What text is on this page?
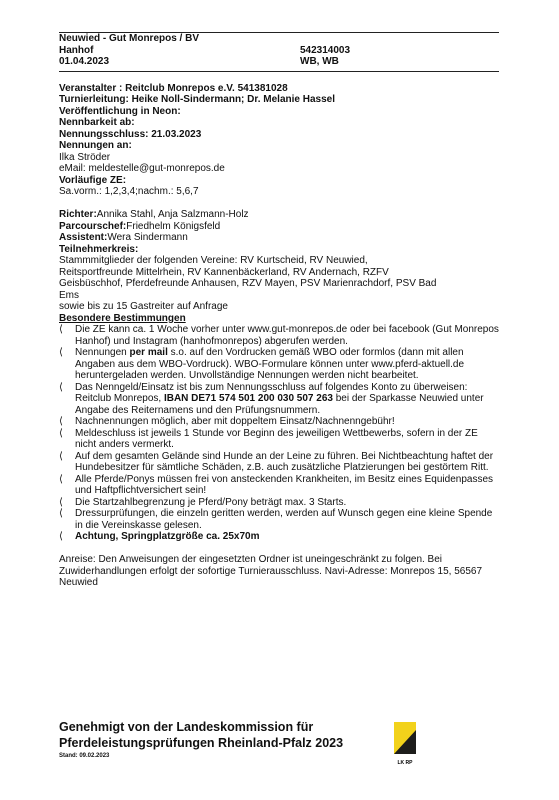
Neuwied - Gut Monrepos / BV
Hanhof	542314003
01.04.2023	WB, WB
Veranstalter : Reitclub Monrepos e.V. 541381028
Turnierleitung: Heike Noll-Sindermann; Dr. Melanie Hassel
Veröffentlichung in Neon:
Nennbarkeit ab:
Nennungsschluss: 21.03.2023
Nennungen an:
Ilka Ströder
eMail: meldestelle@gut-monrepos.de
Vorläufige ZE:
Sa.vorm.: 1,2,3,4;nachm.: 5,6,7
Richter:Annika Stahl, Anja Salzmann-Holz
Parcourschef:Friedhelm Königsfeld
Assistent:Wera Sindermann
Teilnehmerkreis:
Stammmitglieder der folgenden Vereine: RV Kurtscheid, RV Neuwied,
Reitsportfreunde Mittelrhein, RV Kannenbäckerland, RV Andernach, RZFV
Geisbüschhof, Pferdefreunde Anhausen, RZV Mayen, PSV Marienrachdorf, PSV Bad
Ems
sowie bis zu 15 Gastreiter auf Anfrage
Besondere Bestimmungen
⟨	Die ZE kann ca. 1 Woche vorher unter www.gut-monrepos.de oder bei facebook (Gut Monrepos Hanhof) und Instagram (hanhofmonrepos) abgerufen werden.
⟨	Nennungen per mail s.o. auf den Vordrucken gemäß WBO oder formlos (dann mit allen Angaben aus dem WBO-Vordruck). WBO-Formulare können unter www.pferd-aktuell.de heruntergeladen werden. Unvollständige Nennungen werden nicht bearbeitet.
⟨	Das Nenngeld/Einsatz ist bis zum Nennungsschluss auf folgendes Konto zu überweisen: Reitclub Monrepos, IBAN DE71 574 501 200 030 507 263 bei der Sparkasse Neuwied unter Angabe des Reiternamens und den Prüfungsnummern.
⟨	Nachnennungen möglich, aber mit doppeltem Einsatz/Nachnenngebühr!
⟨	Meldeschluss ist jeweils 1 Stunde vor Beginn des jeweiligen Wettbewerbs, sofern in der ZE nicht anders vermerkt.
⟨	Auf dem gesamten Gelände sind Hunde an der Leine zu führen. Bei Nichtbeachtung haftet der Hundebesitzer für sämtliche Schäden, z.B. auch zusätzliche Platzierungen bei gestörtem Ritt.
⟨	Alle Pferde/Ponys müssen frei von ansteckenden Krankheiten, im Besitz eines Equidenpasses und Haftpflichtversichert sein!
⟨	Die Startzahlbegrenzung je Pferd/Pony beträgt max. 3 Starts.
⟨	Dressurprüfungen, die einzeln geritten werden, werden auf Wunsch gegen eine kleine Spende in die Vereinskasse gelesen.
⟨	Achtung, Springplatzgröße ca. 25x70m
Anreise: Den Anweisungen der eingesetzten Ordner ist uneingeschränkt zu folgen. Bei Zuwiderhandlungen erfolgt der sofortige Turnierausschluss. Navi-Adresse: Monrepos 15, 56567 Neuwied
Genehmigt von der Landeskommission für
Pferdeleistungsprüfungen Rheinland-Pfalz 2023
Stand: 09.02.2023
LK RP
